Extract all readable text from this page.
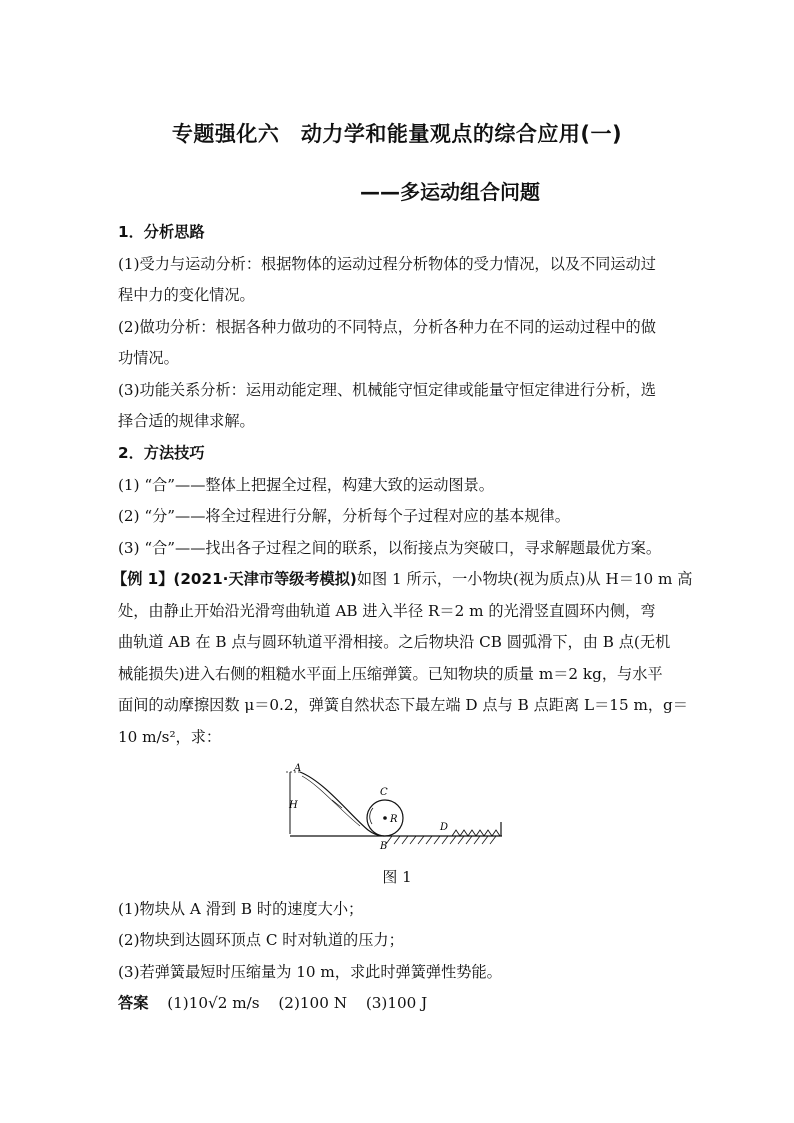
专题强化六　动力学和能量观点的综合应用(一)
——多运动组合问题
1．分析思路
(1)受力与运动分析：根据物体的运动过程分析物体的受力情况，以及不同运动过
程中力的变化情况。
(2)做功分析：根据各种力做功的不同特点，分析各种力在不同的运动过程中的做
功情况。
(3)功能关系分析：运用动能定理、机械能守恒定律或能量守恒定律进行分析，选
择合适的规律求解。
2．方法技巧
(1) “合”——整体上把握全过程，构建大致的运动图景。
(2) “分”——将全过程进行分解，分析每个子过程对应的基本规律。
(3) “合”——找出各子过程之间的联系，以衔接点为突破口，寻求解题最优方案。
【例 1】(2021·天津市等级考模拟)如图 1 所示，一小物块(视为质点)从 H＝10 m 高
处，由静止开始沿光滑弯曲轨道 AB 进入半径 R＝2 m 的光滑竖直圆环内侧，弯
曲轨道 AB 在 B 点与圆环轨道平滑相接。之后物块沿 CB 圆弧滑下，由 B 点(无机
械能损失)进入右侧的粗糙水平面上压缩弹簧。已知物块的质量 m＝2 kg，与水平
面间的动摩擦因数 μ＝0.2，弹簧自然状态下最左端 D 点与 B 点距离 L＝15 m，g＝
10 m/s²，求：
H
C
R
B
A
D
图 1
(1)物块从 A 滑到 B 时的速度大小；
(2)物块到达圆环顶点 C 时对轨道的压力；
(3)若弹簧最短时压缩量为 10 m，求此时弹簧弹性势能。
答案 (1)10√2 m/s (2)100 N (3)100 J
